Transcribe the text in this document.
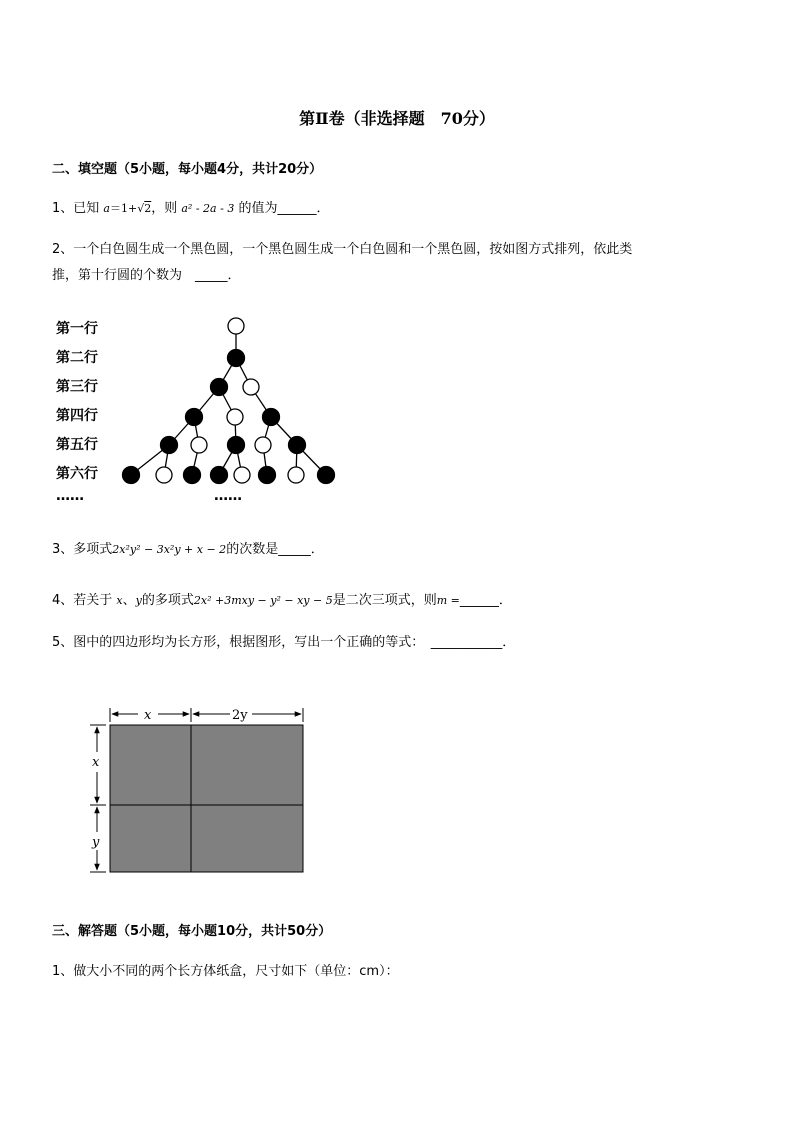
第Ⅱ卷（非选择题　70分）
二、填空题（5小题，每小题4分，共计20分）
1、已知 a＝1+√2，则 a² - 2a - 3 的值为______．
2、一个白色圆生成一个黑色圆，一个黑色圆生成一个白色圆和一个黑色圆，按如图方式排列，依此类
推，第十行圆的个数为　_____．
第一行
第二行
第三行
第四行
第五行
第六行
……	……
3、多项式2x²y² − 3x²y + x − 2的次数是_____．
4、若关于 x、y的多项式2x² +3mxy − y² − xy − 5是二次三项式，则m =______．
5、图中的四边形均为长方形，根据图形，写出一个正确的等式：　___________．
x	2y
x
y
三、解答题（5小题，每小题10分，共计50分）
1、做大小不同的两个长方体纸盒，尺寸如下（单位：cm）：
